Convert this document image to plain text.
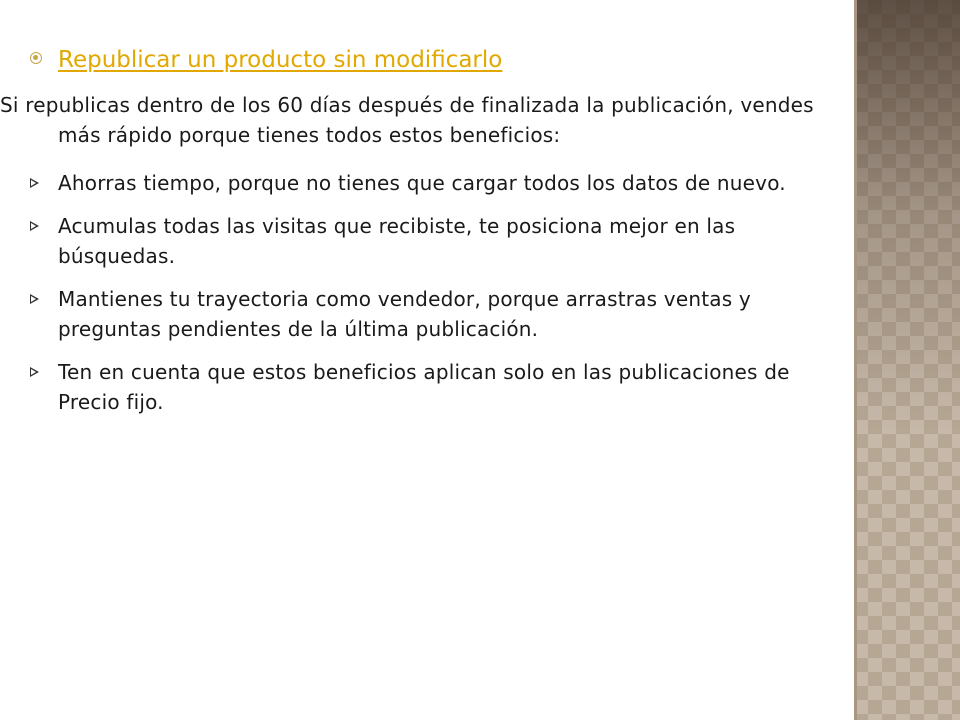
Republicar un producto sin modificarlo

Si republicas dentro de los 60 días después de finalizada la publicación, vendes más rápido porque tienes todos estos beneficios:

Ahorras tiempo, porque no tienes que cargar todos los datos de nuevo.
Acumulas todas las visitas que recibiste, te posiciona mejor en las búsquedas.
Mantienes tu trayectoria como vendedor, porque arrastras ventas y preguntas pendientes de la última publicación.
Ten en cuenta que estos beneficios aplican solo en las publicaciones de Precio fijo.
